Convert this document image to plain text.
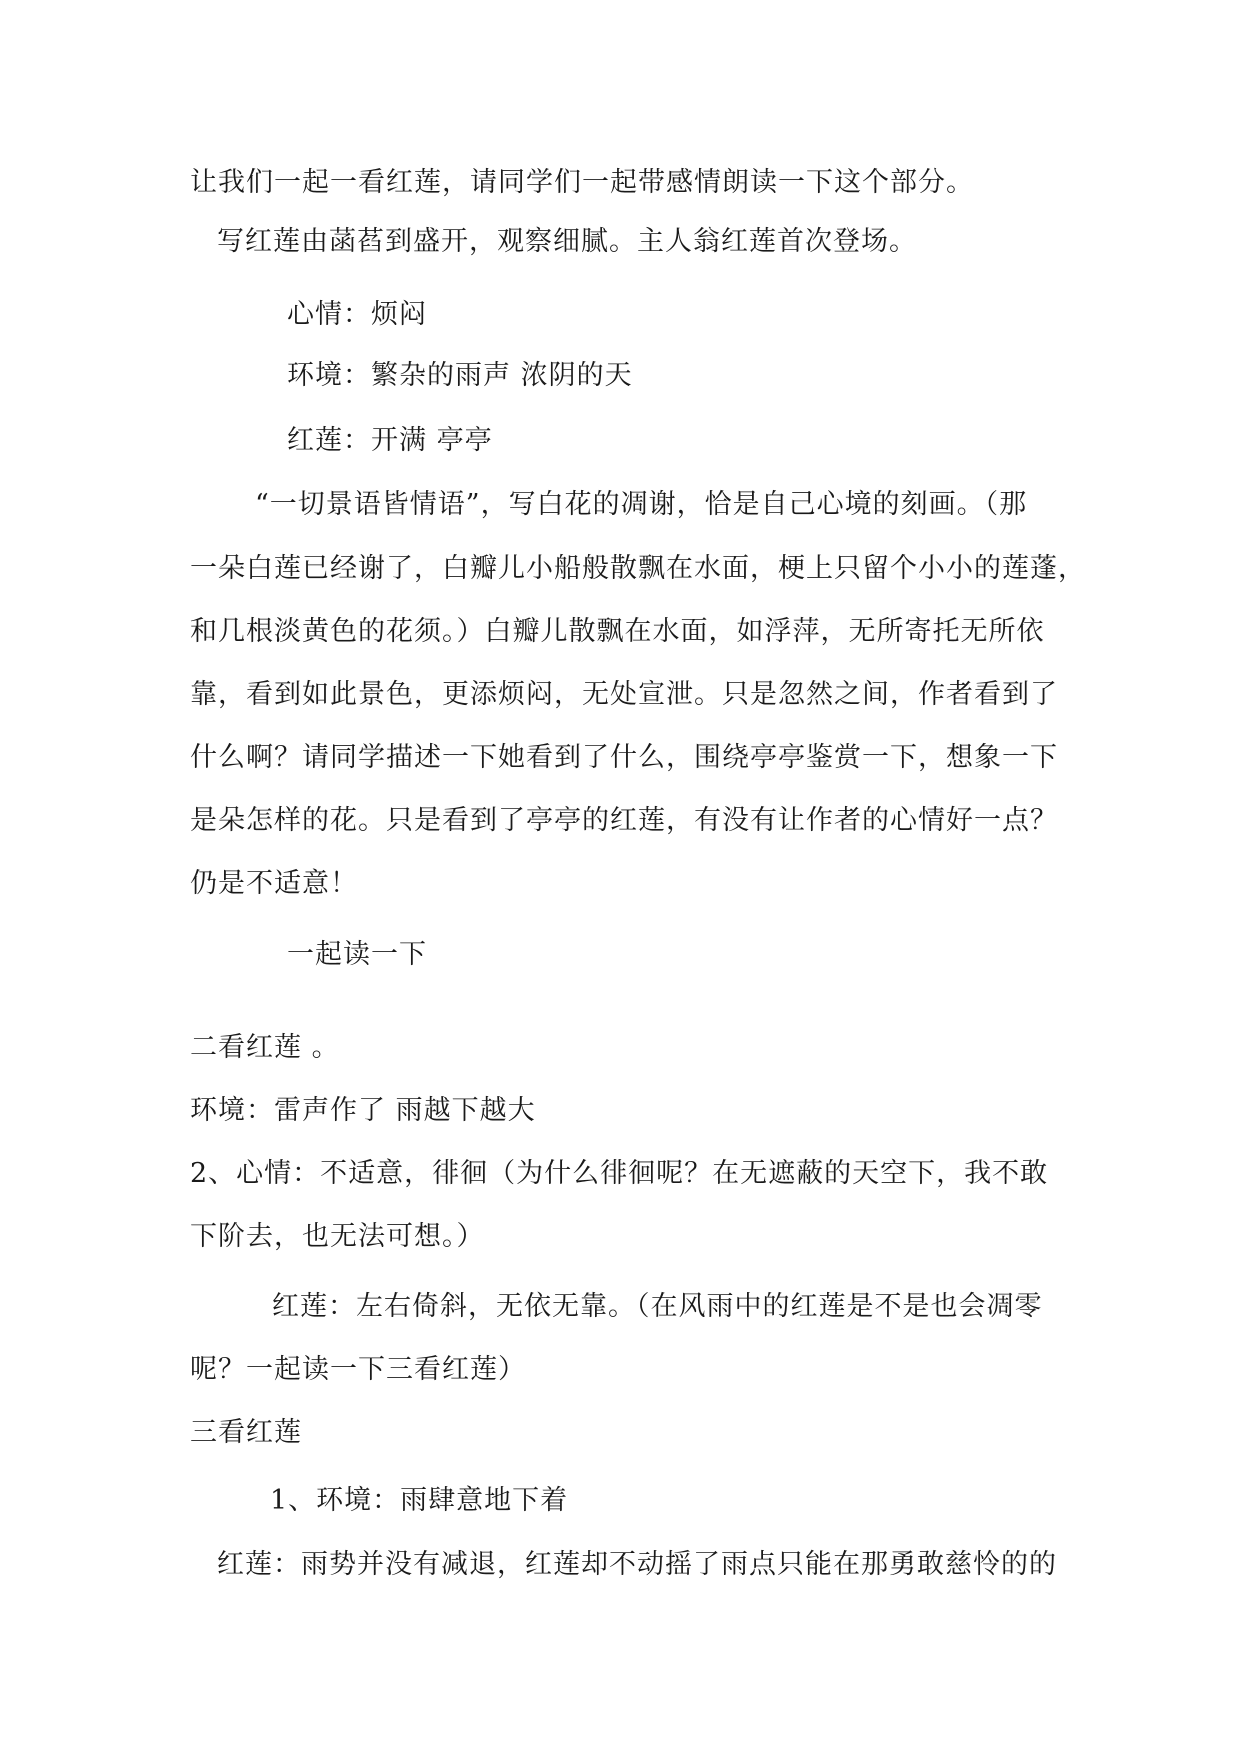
让我们一起一看红莲，请同学们一起带感情朗读一下这个部分。
写红莲由菡萏到盛开，观察细腻。主人翁红莲首次登场。
心情：烦闷
环境：繁杂的雨声 浓阴的天
红莲：开满 亭亭
“一切景语皆情语”，写白花的凋谢，恰是自己心境的刻画。（那
一朵白莲已经谢了，白瓣儿小船般散飘在水面，梗上只留个小小的莲蓬，
和几根淡黄色的花须。）白瓣儿散飘在水面，如浮萍，无所寄托无所依
靠，看到如此景色，更添烦闷，无处宣泄。只是忽然之间，作者看到了
什么啊？请同学描述一下她看到了什么，围绕亭亭鉴赏一下，想象一下
是朵怎样的花。只是看到了亭亭的红莲，有没有让作者的心情好一点？
仍是不适意！
一起读一下
二看红莲 。
环境：雷声作了 雨越下越大
2、心情：不适意，徘徊（为什么徘徊呢？在无遮蔽的天空下，我不敢
下阶去，也无法可想。）
红莲：左右倚斜，无依无靠。（在风雨中的红莲是不是也会凋零
呢？一起读一下三看红莲）
三看红莲
1、环境：雨肆意地下着
红莲：雨势并没有减退，红莲却不动摇了雨点只能在那勇敢慈怜的的
